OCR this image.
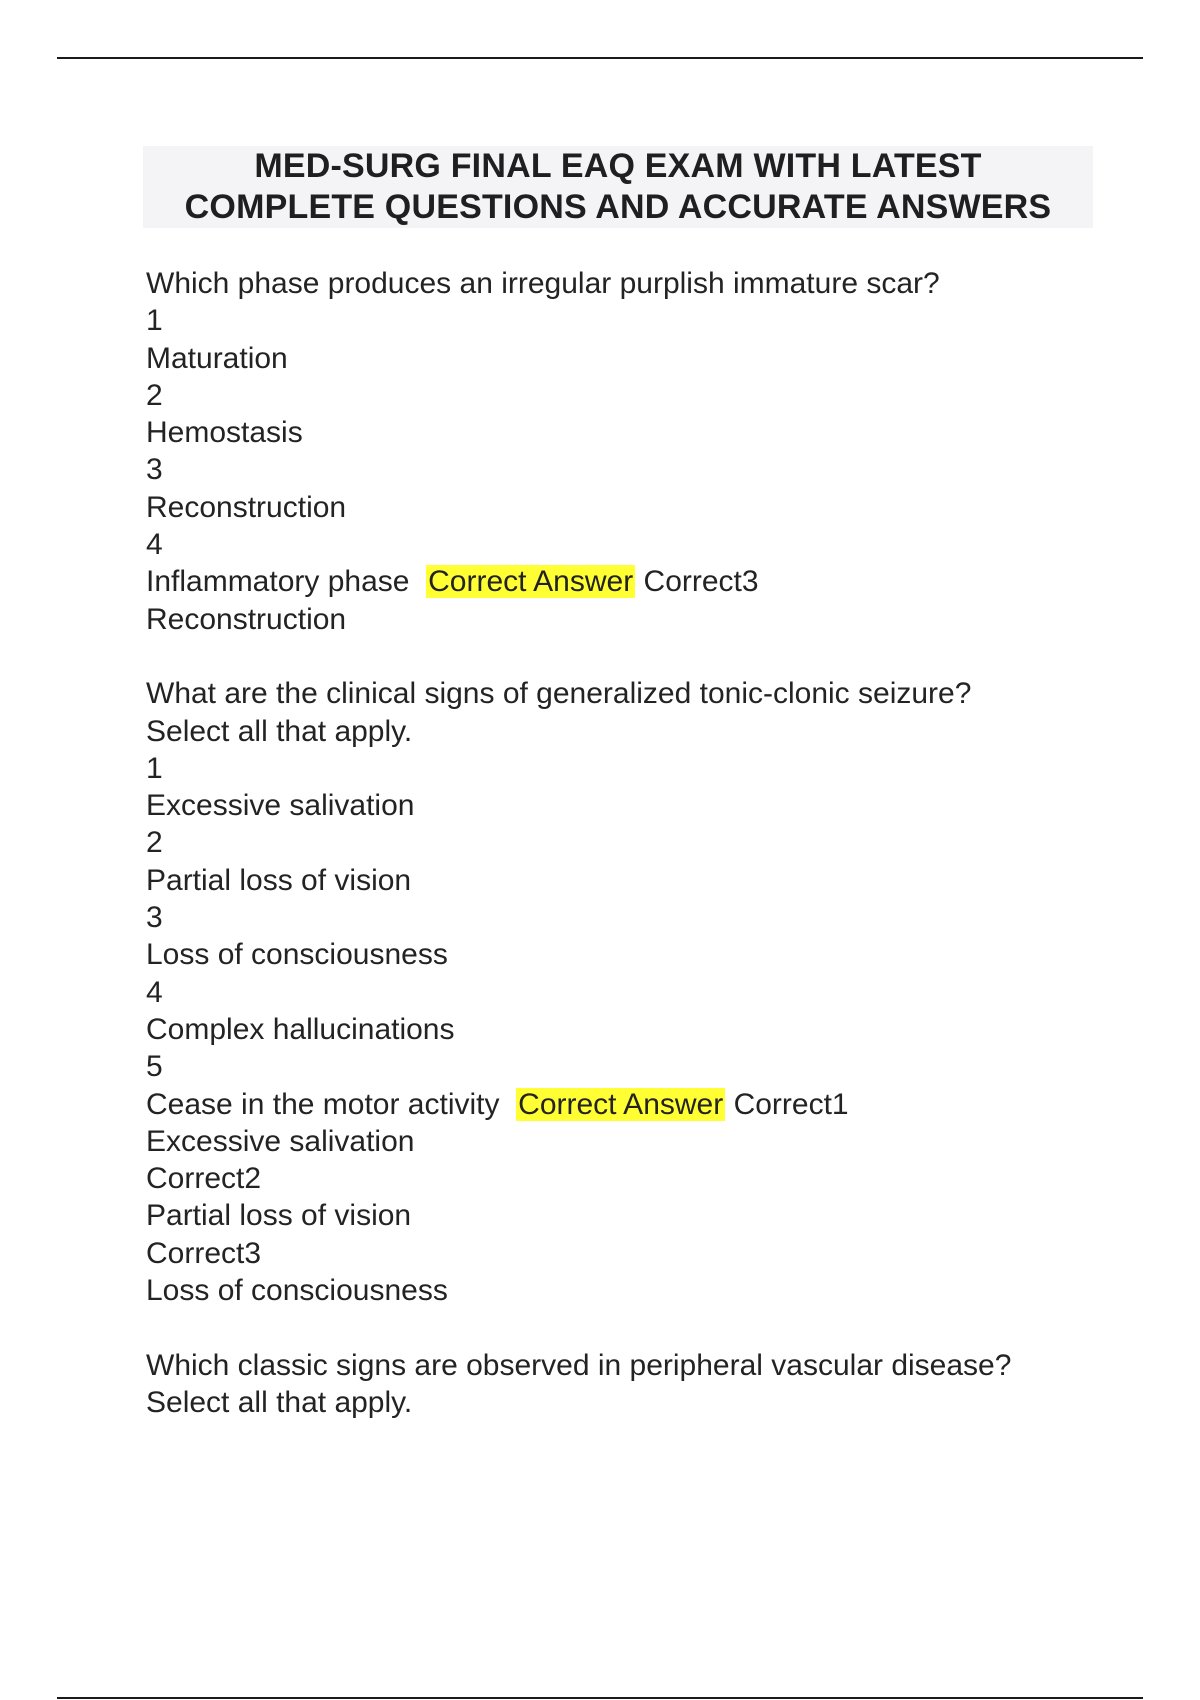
MED-SURG FINAL EAQ EXAM WITH LATEST
COMPLETE QUESTIONS AND ACCURATE ANSWERS
Which phase produces an irregular purplish immature scar?
1
Maturation
2
Hemostasis
3
Reconstruction
4
Inflammatory phase Correct Answer Correct3
Reconstruction
What are the clinical signs of generalized tonic-clonic seizure?
Select all that apply.
1
Excessive salivation
2
Partial loss of vision
3
Loss of consciousness
4
Complex hallucinations
5
Cease in the motor activity Correct Answer Correct1
Excessive salivation
Correct2
Partial loss of vision
Correct3
Loss of consciousness
Which classic signs are observed in peripheral vascular disease?
Select all that apply.
